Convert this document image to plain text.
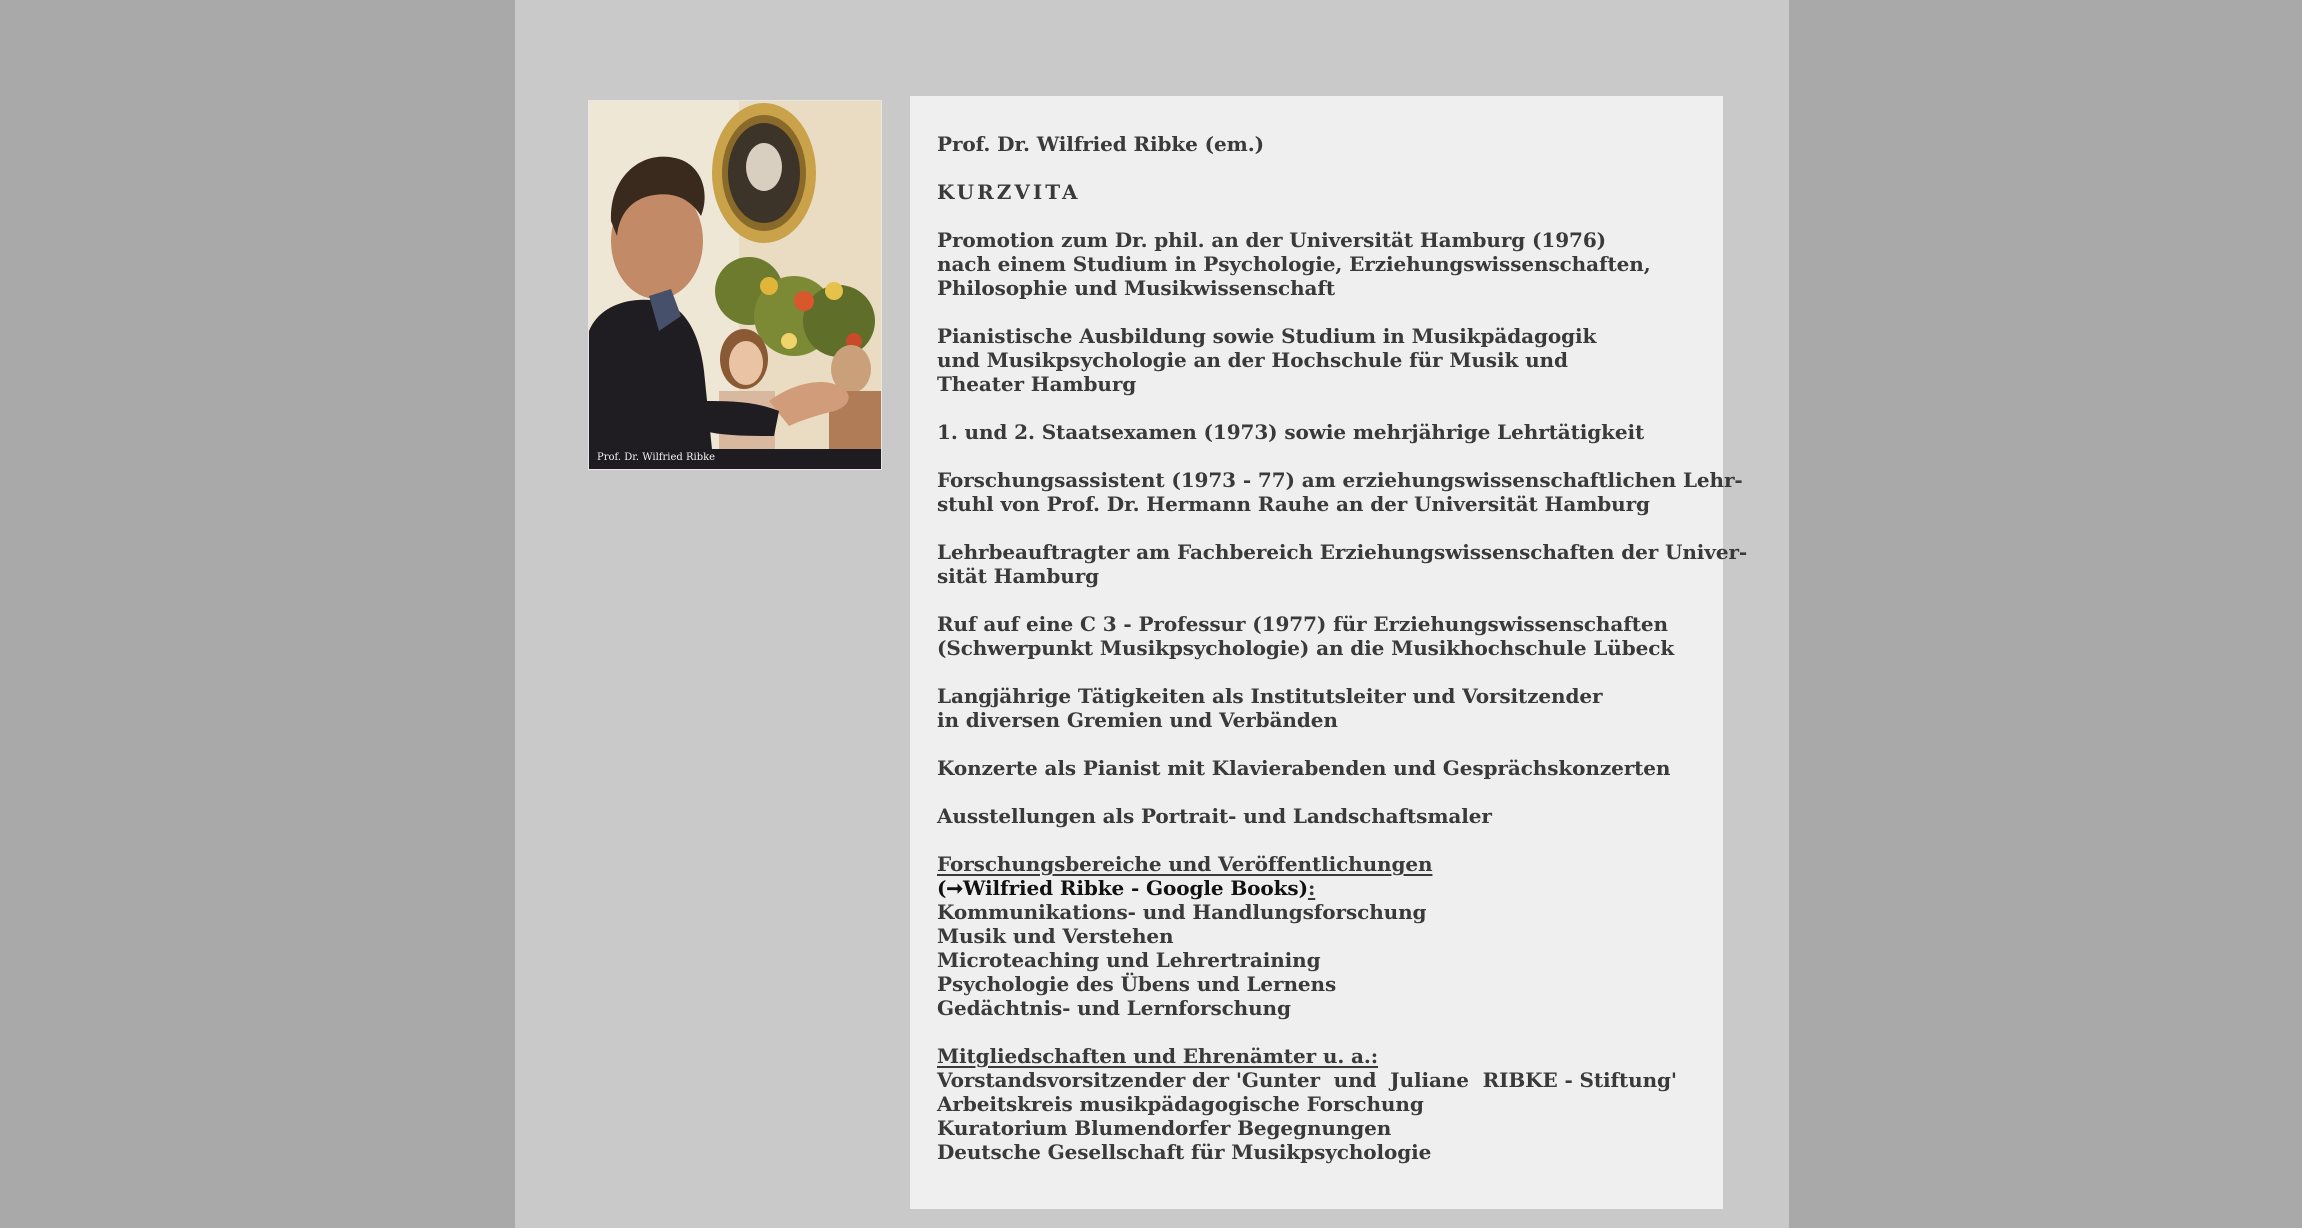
Prof. Dr. Wilfried Ribke
Prof. Dr. Wilfried Ribke (em.)
KURZVITA
Promotion zum Dr. phil. an der Universität Hamburg (1976)
nach einem Studium in Psychologie, Erziehungswissenschaften,
Philosophie und Musikwissenschaft
Pianistische Ausbildung sowie Studium in Musikpädagogik
und Musikpsychologie an der Hochschule für Musik und
Theater Hamburg
1. und 2. Staatsexamen (1973) sowie mehrjährige Lehrtätigkeit
Forschungsassistent (1973 - 77) am erziehungswissenschaftlichen Lehr-
stuhl von Prof. Dr. Hermann Rauhe an der Universität Hamburg
Lehrbeauftragter am Fachbereich Erziehungswissenschaften der Univer-
sität Hamburg
Ruf auf eine C 3 - Professur (1977) für Erziehungswissenschaften
(Schwerpunkt Musikpsychologie) an die Musikhochschule Lübeck
Langjährige Tätigkeiten als Institutsleiter und Vorsitzender
in diversen Gremien und Verbänden
Konzerte als Pianist mit Klavierabenden und Gesprächskonzerten
Ausstellungen als Portrait- und Landschaftsmaler
Forschungsbereiche und Veröffentlichungen
(➞Wilfried Ribke - Google Books):
Kommunikations- und Handlungsforschung
Musik und Verstehen
Microteaching und Lehrertraining
Psychologie des Übens und Lernens
Gedächtnis- und Lernforschung
Mitgliedschaften und Ehrenämter u. a.:
Vorstandsvorsitzender der 'Gunter  und  Juliane  RIBKE - Stiftung'
Arbeitskreis musikpädagogische Forschung
Kuratorium Blumendorfer Begegnungen
Deutsche Gesellschaft für Musikpsychologie
